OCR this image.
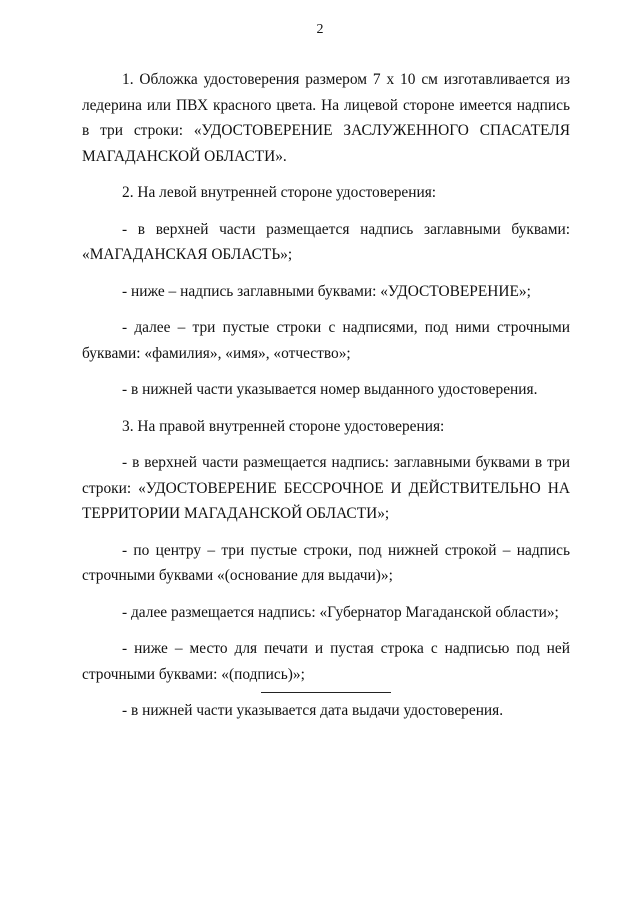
2

1. Обложка удостоверения размером 7 х 10 см изготавливается из ледерина или ПВХ красного цвета. На лицевой стороне имеется надпись в три строки: «УДОСТОВЕРЕНИЕ ЗАСЛУЖЕННОГО СПАСАТЕЛЯ МАГАДАНСКОЙ ОБЛАСТИ».

2. На левой внутренней стороне удостоверения:

- в верхней части размещается надпись заглавными буквами: «МАГАДАНСКАЯ ОБЛАСТЬ»;

- ниже – надпись заглавными буквами: «УДОСТОВЕРЕНИЕ»;

- далее – три пустые строки с надписями, под ними строчными буквами: «фамилия», «имя», «отчество»;

- в нижней части указывается номер выданного удостоверения.

3. На правой внутренней стороне удостоверения:

- в верхней части размещается надпись: заглавными буквами в три строки: «УДОСТОВЕРЕНИЕ БЕССРОЧНОЕ И ДЕЙСТВИТЕЛЬНО НА ТЕРРИТОРИИ МАГАДАНСКОЙ ОБЛАСТИ»;

- по центру – три пустые строки, под нижней строкой – надпись строчными буквами «(основание для выдачи)»;

- далее размещается надпись: «Губернатор Магаданской области»;

- ниже – место для печати и пустая строка с надписью под ней строчными буквами: «(подпись)»;

- в нижней части указывается дата выдачи удостоверения.
